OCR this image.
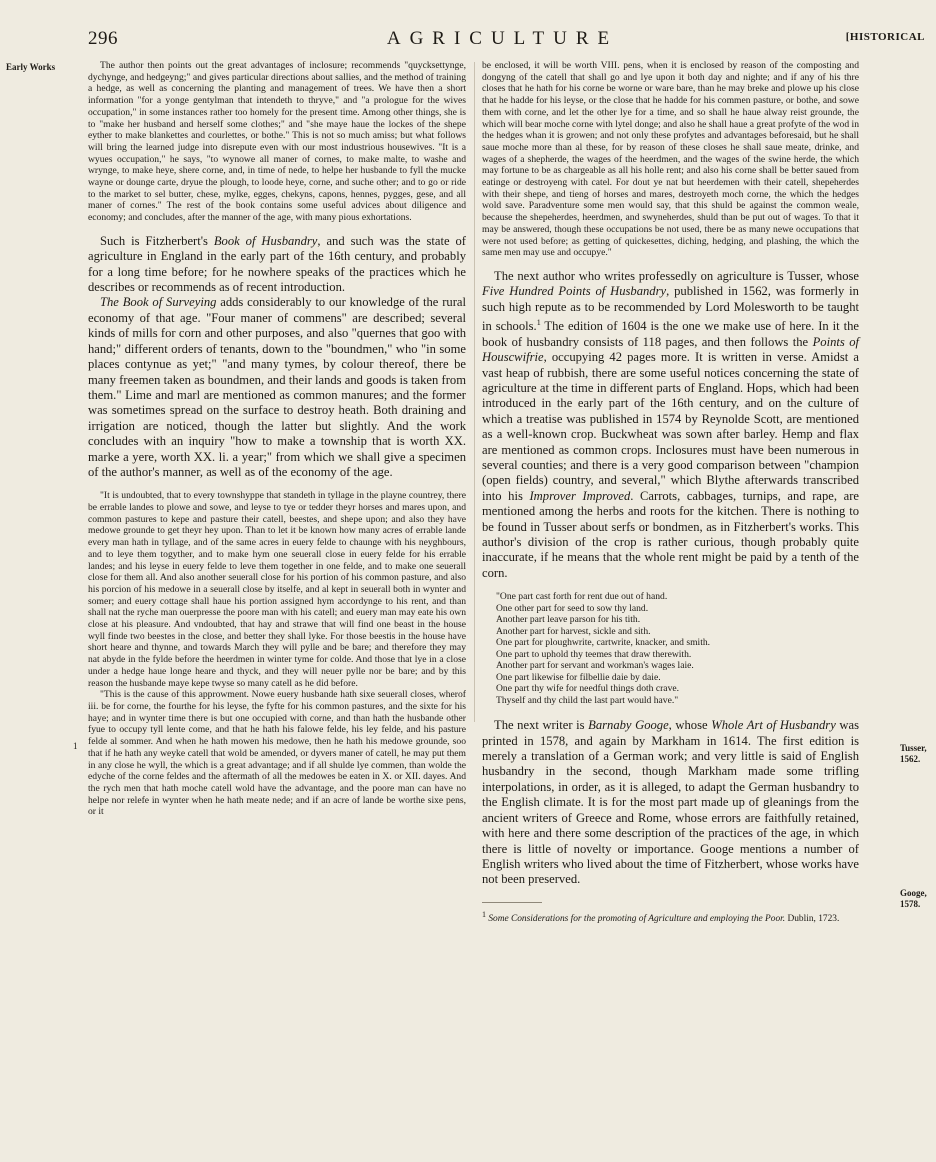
296	AGRICULTURE	[HISTORICAL
Early Works
1	Tusser, 1562.
Googe, 1578.

The author then points out the great advantages of inclosure; recommends "quycksettynge, dychynge, and hedgeyng;" and gives particular directions about sallies, and the method of training a hedge, as well as concerning the planting and management of trees. We have then a short information "for a yonge gentylman that intendeth to thryve," and "a prologue for the wives occupation," in some instances rather too homely for the present time. Among other things, she is to "make her husband and herself some clothes;" and "she maye haue the lockes of the shepe eyther to make blankettes and courlettes, or bothe." This is not so much amiss; but what follows will bring the learned judge into disrepute even with our most industrious housewives. "It is a wyues occupation," he says, "to wynowe all maner of cornes, to make malte, to washe and wrynge, to make heye, shere corne, and, in time of nede, to helpe her husbande to fyll the mucke wayne or dounge carte, dryue the plough, to loode heye, corne, and suche other; and to go or ride to the market to sel butter, chese, mylke, egges, chekyns, capons, hennes, pygges, gese, and all maner of cornes." The rest of the book contains some useful advices about diligence and economy; and concludes, after the manner of the age, with many pious exhortations.

Such is Fitzherbert's Book of Husbandry, and such was the state of agriculture in England in the early part of the 16th century, and probably for a long time before; for he nowhere speaks of the practices which he describes or recommends as of recent introduction.

The Book of Surveying adds considerably to our knowledge of the rural economy of that age. "Four maner of commens" are described; several kinds of mills for corn and other purposes, and also "quernes that goo with hand;" different orders of tenants, down to the "boundmen," who "in some places contynue as yet;" "and many tymes, by colour thereof, there be many freemen taken as boundmen, and their lands and goods is taken from them." Lime and marl are mentioned as common manures; and the former was sometimes spread on the surface to destroy heath. Both draining and irrigation are noticed, though the latter but slightly. And the work concludes with an inquiry "how to make a township that is worth XX. marke a yere, worth XX. li. a year;" from which we shall give a specimen of the author's manner, as well as of the economy of the age.

"It is undoubted, that to every townshyppe that standeth in tyllage in the playne countrey, there be errable landes to plowe and sowe, and leyse to tye or tedder theyr horses and mares upon, and common pastures to kepe and pasture their catell, beestes, and shepe upon; and also they have medowe grounde to get theyr hey upon. Than to let it be known how many acres of errable lande every man hath in tyllage, and of the same acres in euery felde to chaunge with his neyghbours, and to leye them togyther, and to make hym one seuerall close in euery felde for his errable landes; and his leyse in euery felde to leve them together in one felde, and to make one seuerall close for them all. And also another seuerall close for his portion of his common pasture, and also his porcion of his medowe in a seuerall close by itselfe, and al kept in seuerall both in wynter and somer; and euery cottage shall haue his portion assigned hym accordynge to his rent, and than shall nat the ryche man ouerpresse the poore man with his catell; and euery man may eate his own close at his pleasure. And vndoubted, that hay and strawe that will find one beast in the house wyll finde two beestes in the close, and better they shall lyke. For those beestis in the house have short heare and thynne, and towards March they will pylle and be bare; and therefore they may nat abyde in the fylde before the heerdmen in winter tyme for colde. And those that lye in a close under a hedge haue longe heare and thyck, and they will neuer pylle nor be bare; and by this reason the husbande maye kepe twyse so many catell as he did before.

"This is the cause of this approwment. Nowe euery husbande hath sixe seuerall closes, wherof iii. be for corne, the fourthe for his leyse, the fyfte for his common pastures, and the sixte for his haye; and in wynter time there is but one occupied with corne, and than hath the husbande other fyue to occupy tyll lente come, and that he hath his falowe felde, his ley felde, and his pasture felde al sommer. And when he hath mowen his medowe, then he hath his medowe grounde, soo that if he hath any weyke catell that wold be amended, or dyvers maner of catell, he may put them in any close he wyll, the which is a great advantage; and if all shulde lye commen, than wolde the edyche of the corne feldes and the aftermath of all the medowes be eaten in X. or XII. dayes. And the rych men that hath moche catell wold have the advantage, and the poore man can have no helpe nor relefe in wynter when he hath meate nede; and if an acre of lande be worthe sixe pens, or it

be enclosed, it will be worth VIII. pens, when it is enclosed by reason of the composting and dongyng of the catell that shall go and lye upon it both day and nighte; and if any of his thre closes that he hath for his corne be worne or ware bare, than he may breke and plowe up his close that he hadde for his leyse, or the close that he hadde for his commen pasture, or bothe, and sowe them with corne, and let the other lye for a time, and so shall he haue alway reist grounde, the which will bear moche corne with lytel donge; and also he shall haue a great profyte of the wod in the hedges whan it is growen; and not only these profytes and advantages beforesaid, but he shall saue moche more than al these, for by reason of these closes he shall saue meate, drinke, and wages of a shepherde, the wages of the heerdmen, and the wages of the swine herde, the which may fortune to be as chargeable as all his holle rent; and also his corne shall be better saued from eatinge or destroyeng with catel. For dout ye nat but heerdemen with their catell, shepeherdes with their shepe, and tieng of horses and mares, destroyeth moch corne, the which the hedges wold save. Paradventure some men would say, that this shuld be against the common weale, because the shepeherdes, heerdmen, and swyneherdes, shuld than be put out of wages. To that it may be answered, though these occupations be not used, there be as many newe occupations that were not used before; as getting of quickesettes, diching, hedging, and plashing, the which the same men may use and occupye."

The next author who writes professedly on agriculture is Tusser, whose Five Hundred Points of Husbandry, published in 1562, was formerly in such high repute as to be recommended by Lord Molesworth to be taught in schools.$^1$ The edition of 1604 is the one we make use of here. In it the book of husbandry consists of 118 pages, and then follows the Points of Houscwifrie, occupying 42 pages more. It is written in verse. Amidst a vast heap of rubbish, there are some useful notices concerning the state of agriculture at the time in different parts of England. Hops, which had been introduced in the early part of the 16th century, and on the culture of which a treatise was published in 1574 by Reynolde Scott, are mentioned as a well-known crop. Buckwheat was sown after barley. Hemp and flax are mentioned as common crops. Inclosures must have been numerous in several counties; and there is a very good comparison between "champion (open fields) country, and several," which Blythe afterwards transcribed into his Improver Improved. Carrots, cabbages, turnips, and rape, are mentioned among the herbs and roots for the kitchen. There is nothing to be found in Tusser about serfs or bondmen, as in Fitzherbert's works. This author's division of the crop is rather curious, though probably quite inaccurate, if he means that the whole rent might be paid by a tenth of the corn.

"One part cast forth for rent due out of hand.
One other part for seed to sow thy land.
Another part leave parson for his tith.
Another part for harvest, sickle and sith.
One part for ploughwrite, cartwrite, knacker, and smith.
One part to uphold thy teemes that draw therewith.
Another part for servant and workman's wages laie.
One part likewise for filbellie daie by daie.
One part thy wife for needful things doth crave.
Thyself and thy child the last part would have."

The next writer is Barnaby Googe, whose Whole Art of Husbandry was printed in 1578, and again by Markham in 1614. The first edition is merely a translation of a German work; and very little is said of English husbandry in the second, though Markham made some trifling interpolations, in order, as it is alleged, to adapt the German husbandry to the English climate. It is for the most part made up of gleanings from the ancient writers of Greece and Rome, whose errors are faithfully retained, with here and there some description of the practices of the age, in which there is little of novelty or importance. Googe mentions a number of English writers who lived about the time of Fitzherbert, whose works have not been preserved.

$^1$ Some Considerations for the promoting of Agriculture and employing the Poor. Dublin, 1723.
